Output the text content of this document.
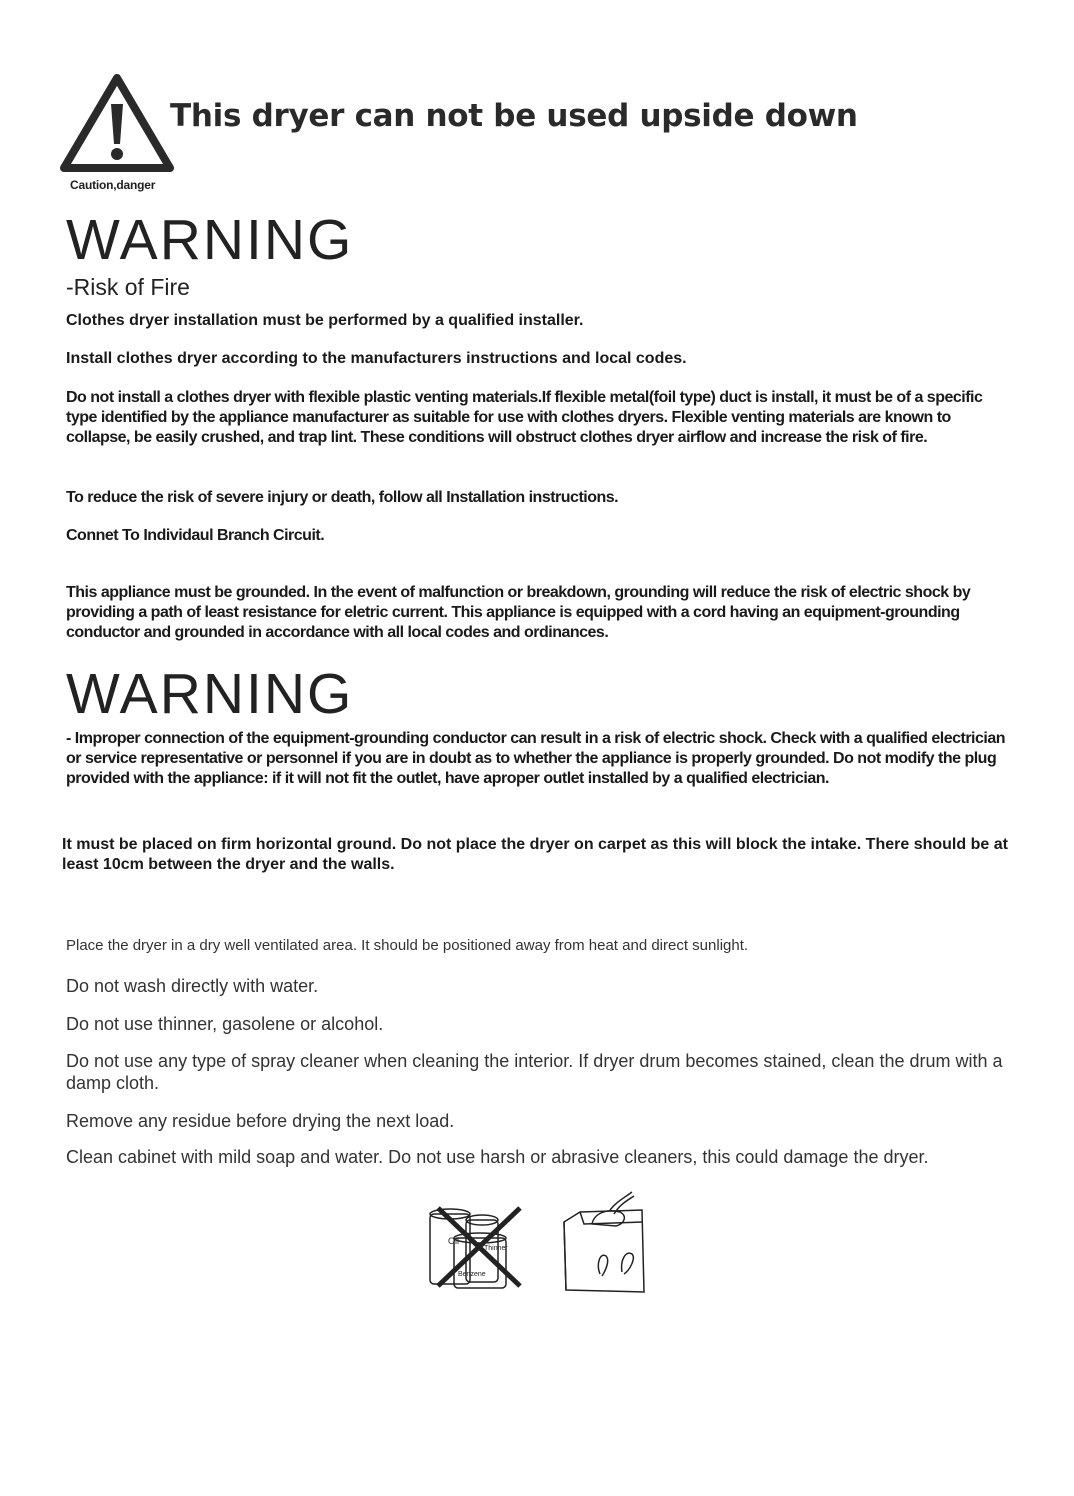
Caution,danger
This dryer can not be used upside down
WARNING
-Risk of Fire
Clothes dryer installation must be performed by a qualified installer.
Install clothes dryer according to the manufacturers instructions and local codes.
Do not install a clothes dryer with flexible plastic venting materials.If flexible metal(foil type) duct is install, it must be of a specific type identified by the appliance manufacturer as suitable for use with clothes dryers. Flexible venting materials are known to collapse, be easily crushed, and trap lint. These conditions will obstruct clothes dryer airflow and increase the risk of fire.
To reduce the risk of severe injury or death, follow all Installation instructions.
Connet To Individaul Branch Circuit.
This appliance must be grounded. In the event of malfunction or breakdown, grounding will reduce the risk of electric shock by providing a path of least resistance for eletric current. This appliance is equipped with a cord having an equipment-grounding conductor and grounded in accordance with all local codes and ordinances.
WARNING
- Improper connection of the equipment-grounding conductor can result in a risk of electric shock. Check with a qualified electrician or service representative or personnel if you are in doubt as to whether the appliance is properly grounded. Do not modify the plug provided with the appliance: if it will not fit the outlet, have aproper outlet installed by a qualified electrician.
It must be placed on firm horizontal ground. Do not place the dryer on carpet as this will block the intake. There should be at least 10cm between the dryer and the walls.
Place the dryer in a dry well ventilated area. It should be positioned away from heat and direct sunlight.
Do not wash directly with water.
Do not use thinner, gasolene or alcohol.
Do not use any type of spray cleaner when cleaning the interior. If dryer drum becomes stained, clean the drum with a damp cloth.
Remove any residue before drying the next load.
Clean cabinet with mild soap and water. Do not use harsh or abrasive cleaners, this could damage the dryer.
Oil
Thinner
Benzene
